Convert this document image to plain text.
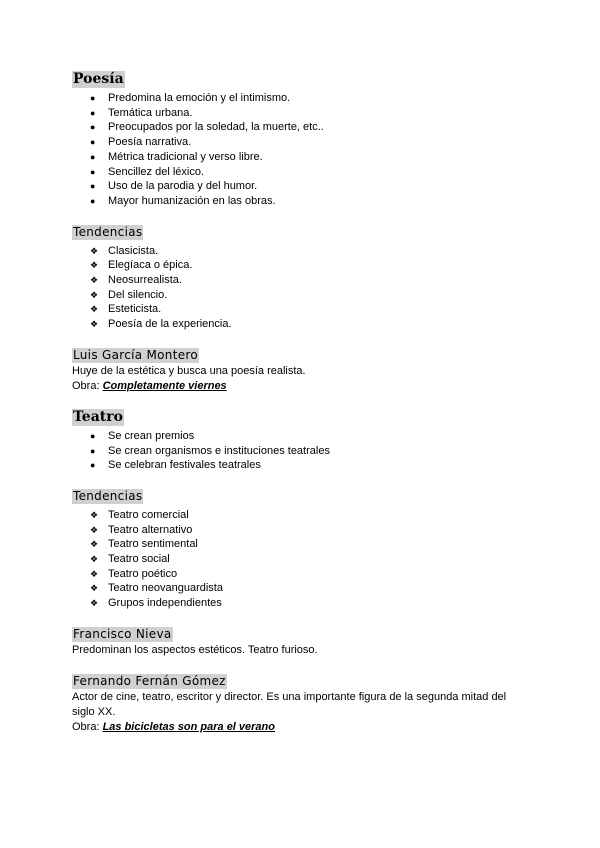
Poesía
● Predomina la emoción y el intimismo.
● Temática urbana.
● Preocupados por la soledad, la muerte, etc..
● Poesía narrativa.
● Métrica tradicional y verso libre.
● Sencillez del léxico.
● Uso de la parodia y del humor.
● Mayor humanización en las obras.
Tendencias
❖ Clasicista.
❖ Elegíaca o épica.
❖ Neosurrealista.
❖ Del silencio.
❖ Esteticista.
❖ Poesía de la experiencia.
Luis García Montero

Huye de la estética y busca una poesía realista.

Obra: Completamente viernes

Teatro
● Se crean premios
● Se crean organismos e instituciones teatrales
● Se celebran festivales teatrales
Tendencias
❖ Teatro comercial
❖ Teatro alternativo
❖ Teatro sentimental
❖ Teatro social
❖ Teatro poético
❖ Teatro neovanguardista
❖ Grupos independientes
Francisco Nieva

Predominan los aspectos estéticos. Teatro furioso.

Fernando Fernán Gómez

Actor de cine, teatro, escritor y director. Es una importante figura de la segunda mitad del siglo XX.

Obra: Las bicicletas son para el verano
